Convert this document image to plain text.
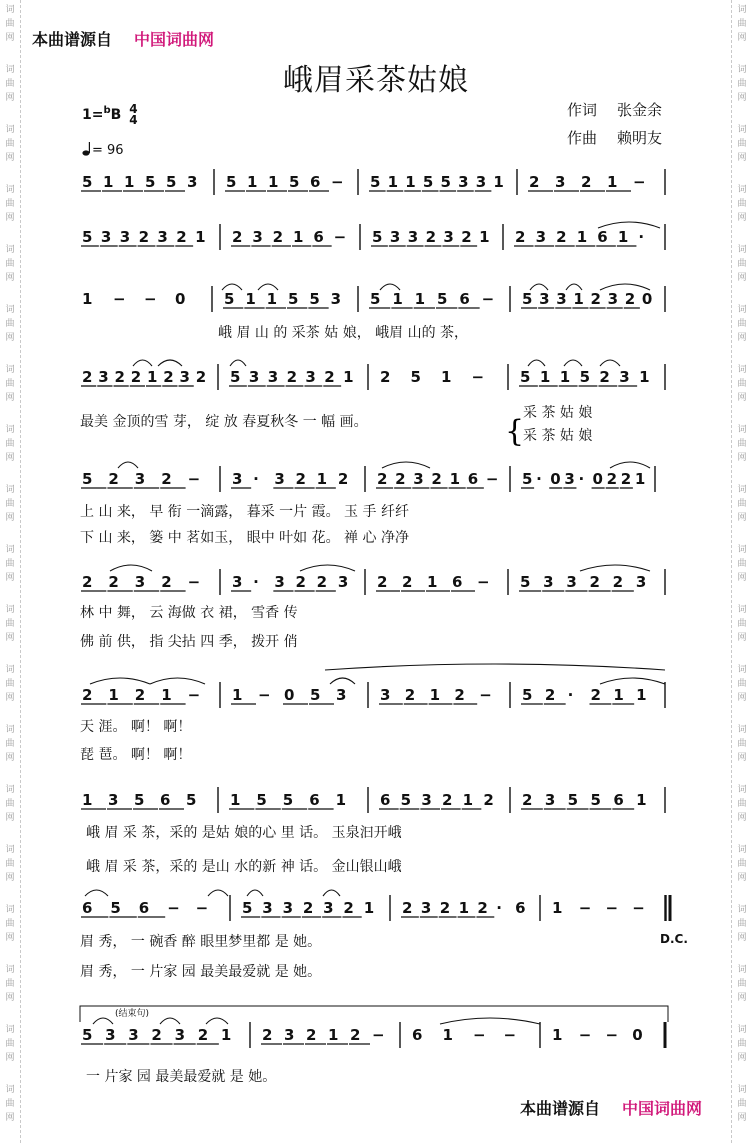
词
曲
网
词
曲
网
词
曲
网
词
曲
网
词
曲
网
词
曲
网
词
曲
网
词
曲
网
词
曲
网
词
曲
网
词
曲
网
词
曲
网
词
曲
网
词
曲
网
词
曲
网
词
曲
网
词
曲
网
词
曲
网
词
曲
网
词
曲
网
词
曲
网
词
曲
网
词
曲
网
词
曲
网
词
曲
网
词
曲
网
词
曲
网
词
曲
网
词
曲
网
词
曲
网
词
曲
网
词
曲
网
词
曲
网
词
曲
网
词
曲
网
词
曲
网
词
曲
网
词
曲
网
本曲谱源自 中国词曲网
峨眉采茶姑娘
作词 张金余
作曲 赖明友
1=$^b$B 4
4
= 96
5 1 1 5 5 3 5 1 1 5 6 − 5 1 1 5 5 3 3 1 2 3 2 1 −
5 3 3 2 3 2 1 2 3 2 1 6 − 5 3 3 2 3 2 1 2 3 2 1 6 1 ·
1 − − 0	5 1 1 5 5 3 5 1 1 5 6 − 5 3 3 1 2 3 2 0
峨 眉 山 的 采茶 姑 娘， 峨眉 山的 茶，
2 3 2 2 1 2 3 2 5 3 3 2 3 2 1 2 5 1 − 5 1 1 5 2 3 1
最美 金顶的雪 芽， 绽 放 春夏秋冬 一 幅 画。
采 茶 姑 娘
采 茶 姑 娘
5 2 3 2 − 3 · 3 2 1 2 2 2 3 2 1 6 − 5 · 0 3 · 0 2 2 1
上 山 来， 早 衔 一滴露， 暮采 一片 霞。 玉 手 纤纤
下 山 来， 篓 中 茗如玉， 眼中 叶如 花。 禅 心 净净
2 2 3 2 − 3 · 3 2 2 3 2 2 1 6 − 5 3 3 2 2 3
林 中 舞， 云 海做 衣 裙， 雪香 传
佛 前 供， 指 尖拈 四 季， 拨开 俏
2 1 2 1 − 1 − 0 5 3 3 2 1 2 − 5 2 · 2 1 1
天 涯。 啊！ 啊！
琵 琶。 啊！ 啊！
1 3 5 6 5 1 5 5 6 1 6 5 3 2 1 2 2 3 5 5 6 1
峨 眉 采 茶，采的 是姑 娘的心 里 话。 玉泉汩开峨
峨 眉 采 茶，采的 是山 水的新 神 话。 金山银山峨
6 5 6 − − 5 3 3 2 3 2 1 2 3 2 1 2 · 6 1 − − −
眉 秀， 一 碗香 醉 眼里梦里都 是 她。
眉 秀， 一 片家 园 最美最爱就 是 她。
5 3 3 2 3 2 1 2 3 2 1 2 − 6 1 − − 1 − − 0
一 片家 园 最美最爱就 是 她。
{
D.C.
(结束句)
本曲谱源自 中国词曲网
